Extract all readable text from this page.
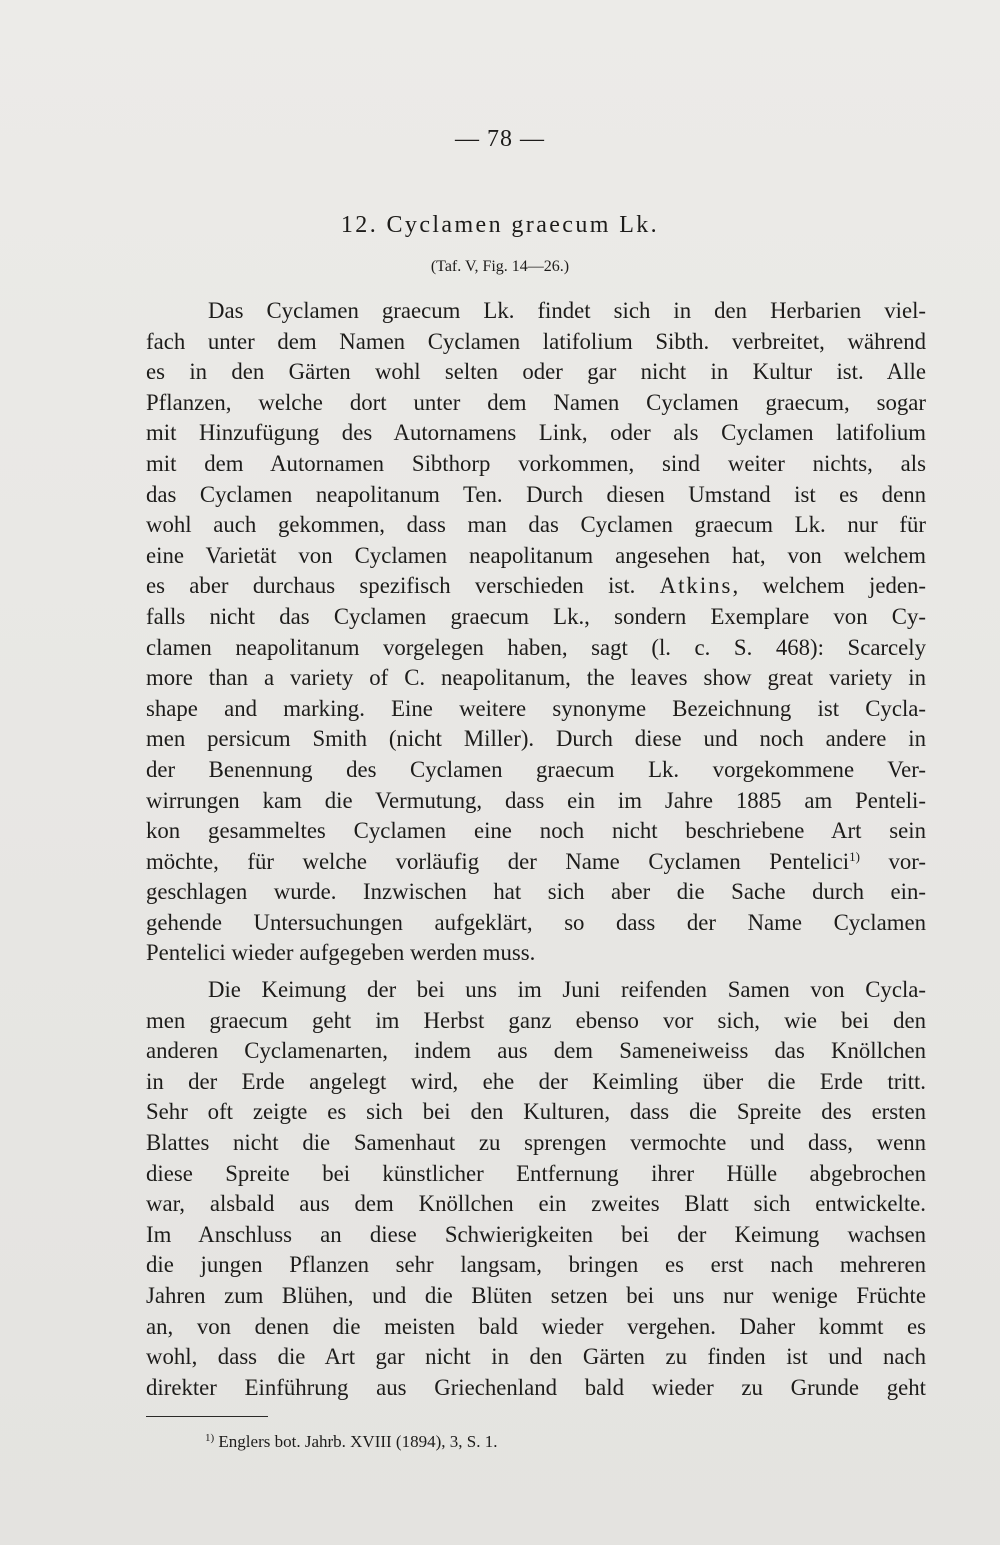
— 78 —
12. Cyclamen graecum Lk.
(Taf. V, Fig. 14—26.)
Das Cyclamen graecum Lk. findet sich in den Herbarien viel-
fach unter dem Namen Cyclamen latifolium Sibth. verbreitet, während
es in den Gärten wohl selten oder gar nicht in Kultur ist. Alle
Pflanzen, welche dort unter dem Namen Cyclamen graecum, sogar
mit Hinzufügung des Autornamens Link, oder als Cyclamen latifolium
mit dem Autornamen Sibthorp vorkommen, sind weiter nichts, als
das Cyclamen neapolitanum Ten. Durch diesen Umstand ist es denn
wohl auch gekommen, dass man das Cyclamen graecum Lk. nur für
eine Varietät von Cyclamen neapolitanum angesehen hat, von welchem
es aber durchaus spezifisch verschieden ist. Atkins, welchem jeden-
falls nicht das Cyclamen graecum Lk., sondern Exemplare von Cy-
clamen neapolitanum vorgelegen haben, sagt (l. c. S. 468): Scarcely
more than a variety of C. neapolitanum, the leaves show great variety in
shape and marking. Eine weitere synonyme Bezeichnung ist Cycla-
men persicum Smith (nicht Miller). Durch diese und noch andere in
der Benennung des Cyclamen graecum Lk. vorgekommene Ver-
wirrungen kam die Vermutung, dass ein im Jahre 1885 am Penteli-
kon gesammeltes Cyclamen eine noch nicht beschriebene Art sein
möchte, für welche vorläufig der Name Cyclamen Pentelici$^{1)}$ vor-
geschlagen wurde. Inzwischen hat sich aber die Sache durch ein-
gehende Untersuchungen aufgeklärt, so dass der Name Cyclamen
Pentelici wieder aufgegeben werden muss.
Die Keimung der bei uns im Juni reifenden Samen von Cycla-
men graecum geht im Herbst ganz ebenso vor sich, wie bei den
anderen Cyclamenarten, indem aus dem Sameneiweiss das Knöllchen
in der Erde angelegt wird, ehe der Keimling über die Erde tritt.
Sehr oft zeigte es sich bei den Kulturen, dass die Spreite des ersten
Blattes nicht die Samenhaut zu sprengen vermochte und dass, wenn
diese Spreite bei künstlicher Entfernung ihrer Hülle abgebrochen
war, alsbald aus dem Knöllchen ein zweites Blatt sich entwickelte.
Im Anschluss an diese Schwierigkeiten bei der Keimung wachsen
die jungen Pflanzen sehr langsam, bringen es erst nach mehreren
Jahren zum Blühen, und die Blüten setzen bei uns nur wenige Früchte
an, von denen die meisten bald wieder vergehen. Daher kommt es
wohl, dass die Art gar nicht in den Gärten zu finden ist und nach
direkter Einführung aus Griechenland bald wieder zu Grunde geht
$^{1)}$ Englers bot. Jahrb. XVIII (1894), 3, S. 1.
